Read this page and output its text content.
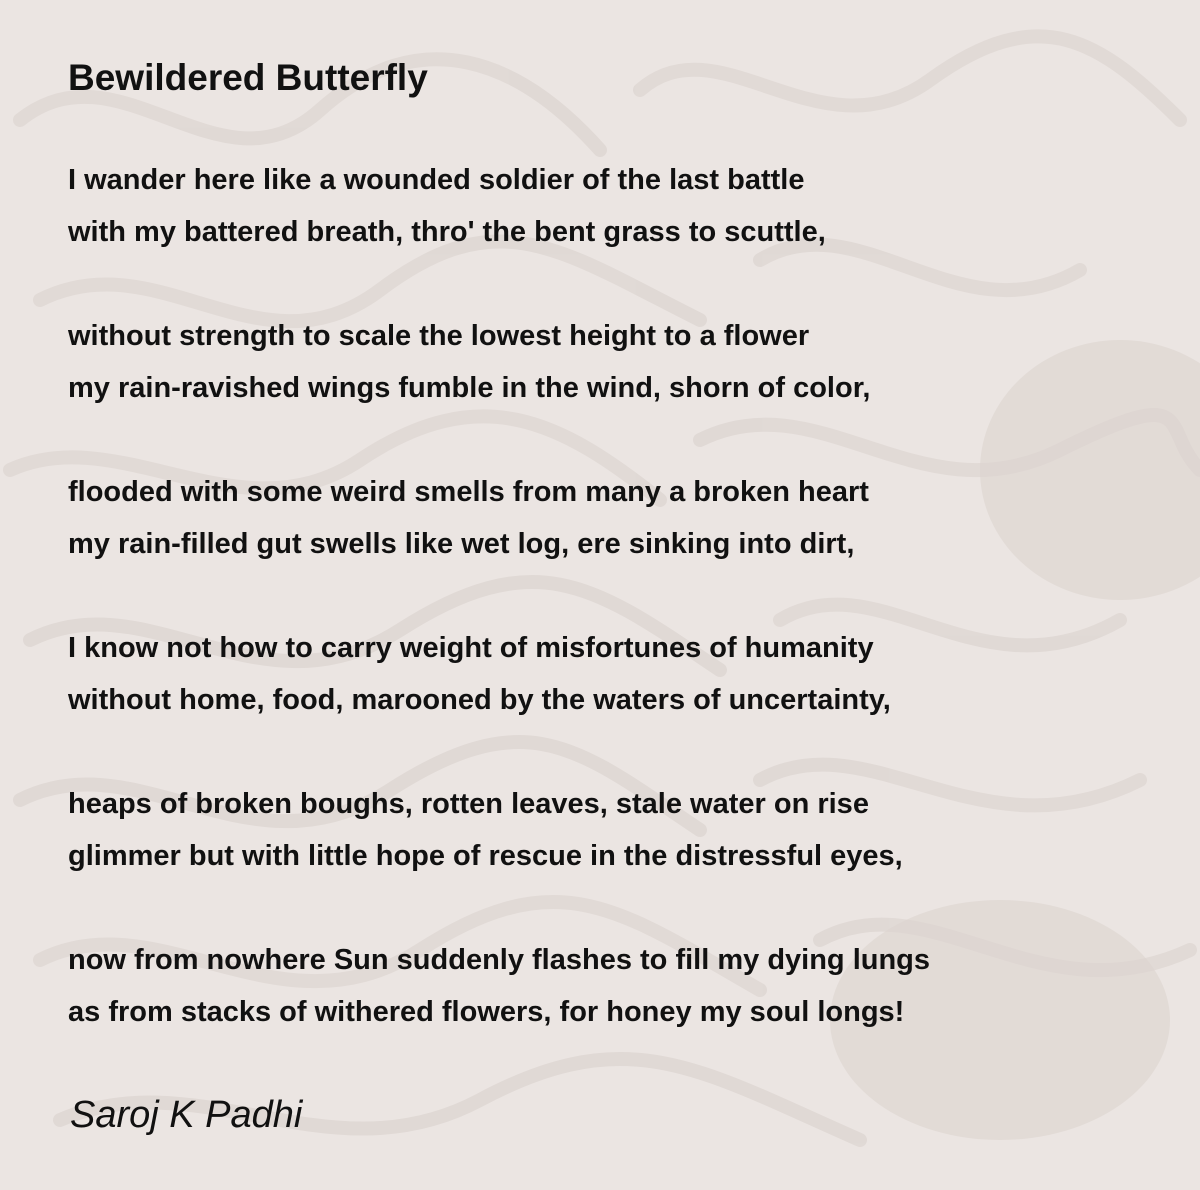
Bewildered Butterfly
I wander here like a wounded soldier of the last battle
with my battered breath, thro' the bent grass to scuttle,
without strength to scale the lowest height to a flower
my rain-ravished wings fumble in the wind, shorn of color,
flooded with some weird smells from many a broken heart
my rain-filled gut swells like wet log, ere sinking into dirt,
I know not how to carry weight of misfortunes of humanity
without home, food, marooned by the waters of uncertainty,
heaps of broken boughs, rotten leaves, stale water on rise
glimmer but with little hope of rescue in the distressful eyes,
now from nowhere Sun suddenly flashes to fill my dying lungs
as from stacks of withered flowers, for honey my soul longs!
Saroj K Padhi
